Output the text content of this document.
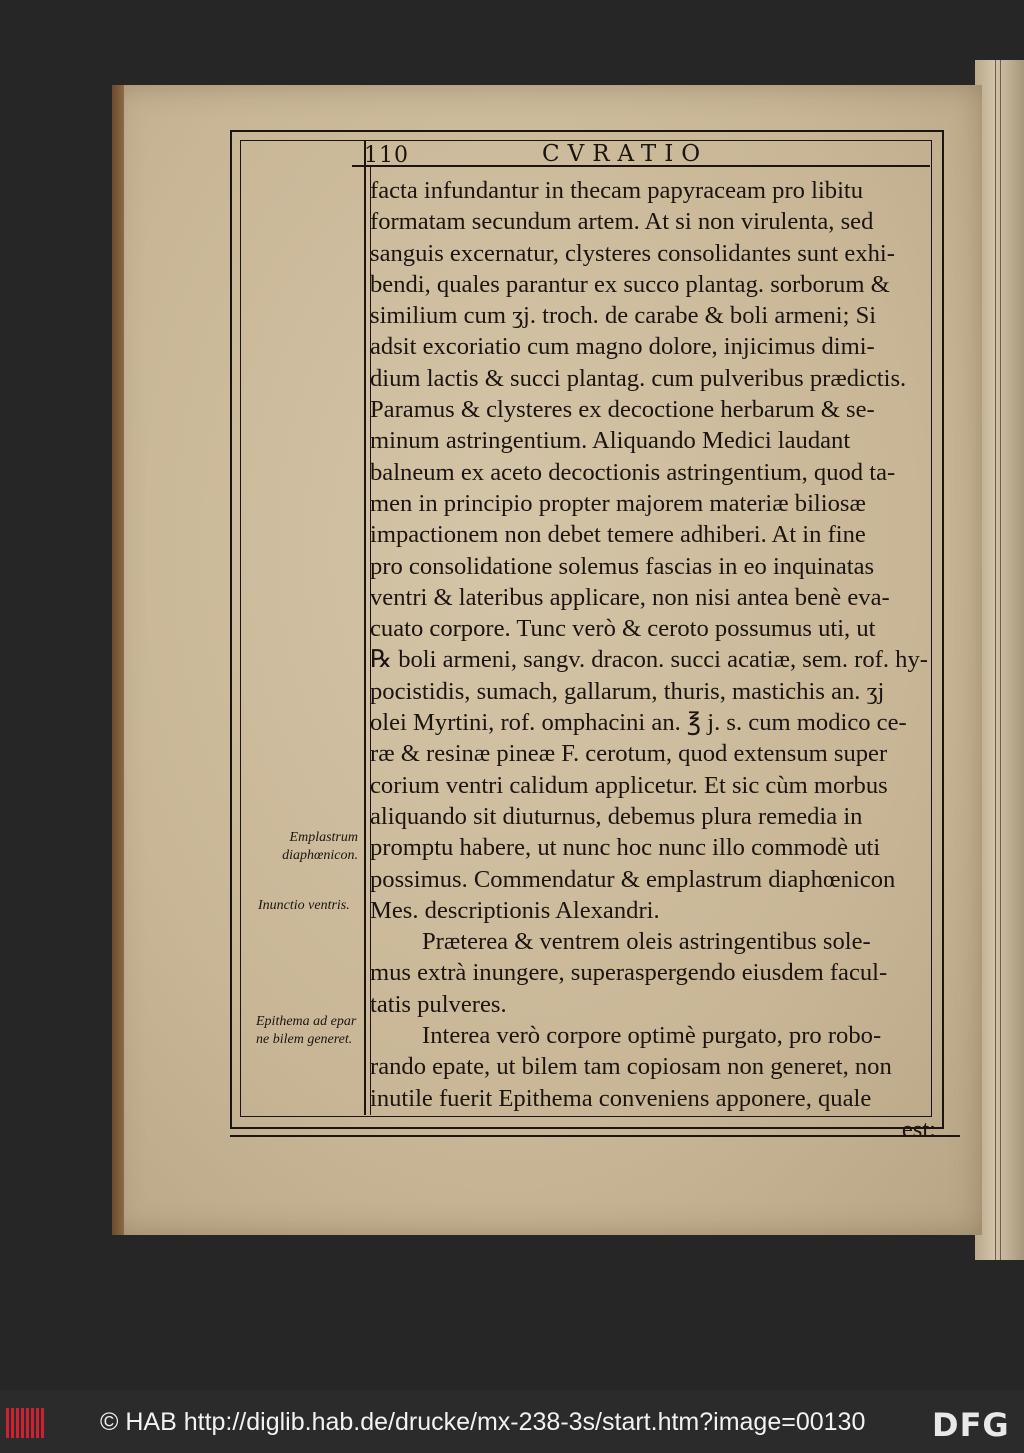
110	CVRATIO
facta infundantur in thecam papyraceam pro libitu
formatam secundum artem. At si non virulenta, sed
sanguis excernatur, clysteres consolidantes sunt exhi-
bendi, quales parantur ex succo plantag. sorborum &
similium cum ʒj. troch. de carabe & boli armeni; Si
adsit excoriatio cum magno dolore, injicimus dimi-
dium lactis & succi plantag. cum pulveribus prædictis.
Paramus & clysteres ex decoctione herbarum & se-
minum astringentium. Aliquando Medici laudant
balneum ex aceto decoctionis astringentium, quod ta-
men in principio propter majorem materiæ biliosæ
impactionem non debet temere adhiberi. At in fine
pro consolidatione solemus fascias in eo inquinatas
ventri & lateribus applicare, non nisi antea benè eva-
cuato corpore. Tunc verò & ceroto possumus uti, ut
℞ boli armeni, sangv. dracon. succi acatiæ, sem. rof. hy-
pocistidis, sumach, gallarum, thuris, mastichis an. ʒj
olei Myrtini, rof. omphacini an. ℥ j. s. cum modico ce-
ræ & resinæ pineæ F. cerotum, quod extensum super
corium ventri calidum applicetur. Et sic cùm morbus
aliquando sit diuturnus, debemus plura remedia in
promptu habere, ut nunc hoc nunc illo commodè uti
possimus. Commendatur & emplastrum diaphœnicon
Mes. descriptionis Alexandri.
Præterea & ventrem oleis astringentibus sole-
mus extrà inungere, superaspergendo eiusdem facul-
tatis pulveres.
Interea verò corpore optimè purgato, pro robo-
rando epate, ut bilem tam copiosam non generet, non
inutile fuerit Epithema conveniens apponere, quale
est:
Emplastrum diaphœnicon.
Inunctio ventris.
Epithema ad epar ne bilem generet.
© HAB http://diglib.hab.de/drucke/mx-238-3s/start.htm?image=00130 DFG
